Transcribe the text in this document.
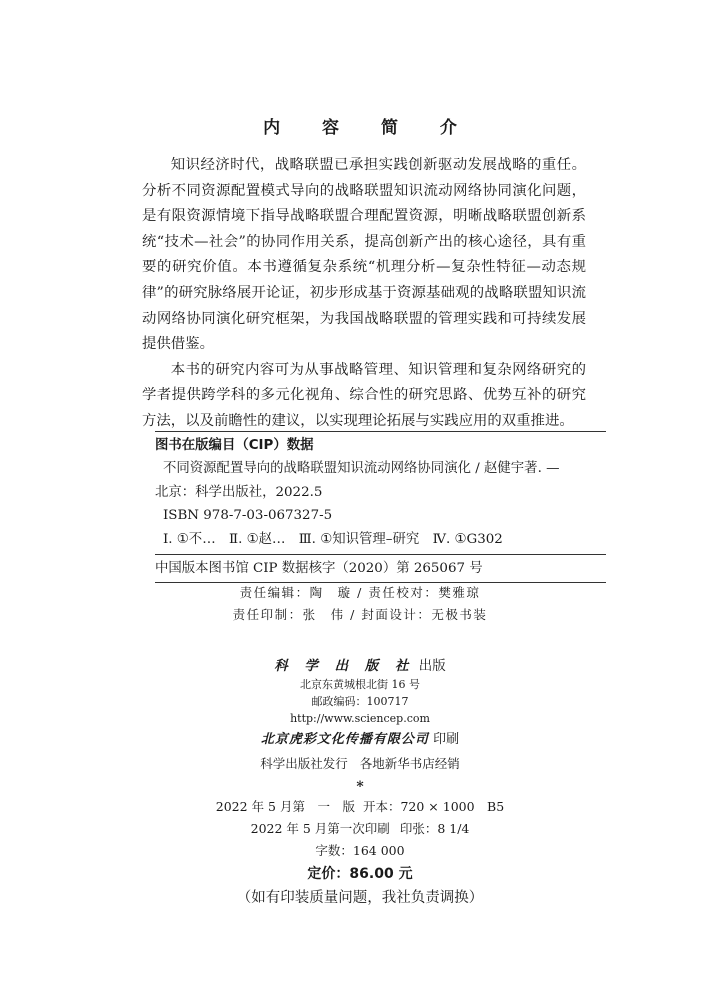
内 容 简 介

知识经济时代，战略联盟已承担实践创新驱动发展战略的重任。分析不同资源配置模式导向的战略联盟知识流动网络协同演化问题，是有限资源情境下指导战略联盟合理配置资源，明晰战略联盟创新系统“技术—社会”的协同作用关系，提高创新产出的核心途径，具有重要的研究价值。本书遵循复杂系统“机理分析—复杂性特征—动态规律”的研究脉络展开论证，初步形成基于资源基础观的战略联盟知识流动网络协同演化研究框架，为我国战略联盟的管理实践和可持续发展提供借鉴。

本书的研究内容可为从事战略管理、知识管理和复杂网络研究的学者提供跨学科的多元化视角、综合性的研究思路、优势互补的研究方法，以及前瞻性的建议，以实现理论拓展与实践应用的双重推进。

图书在版编目（CIP）数据
不同资源配置导向的战略联盟知识流动网络协同演化 / 赵健宇著. —
北京：科学出版社，2022.5
ISBN 978-7-03-067327-5
Ⅰ. ①不…　Ⅱ. ①赵…　Ⅲ. ①知识管理–研究　Ⅳ. ①G302
中国版本图书馆 CIP 数据核字（2020）第 265067 号
责任编辑：陶　璇 / 责任校对：樊雅琼
责任印制：张　伟 / 封面设计：无极书装
科 学 出 版 社 出版
北京东黄城根北街 16 号
邮政编码：100717
http://www.sciencep.com
北京虎彩文化传播有限公司 印刷
科学出版社发行 各地新华书店经销
*
2022 年 5 月第　一　版 开本：720 × 1000　B5
2022 年 5 月第一次印刷 印张：8 1/4
字数：164 000
定价：86.00 元
（如有印装质量问题，我社负责调换）
